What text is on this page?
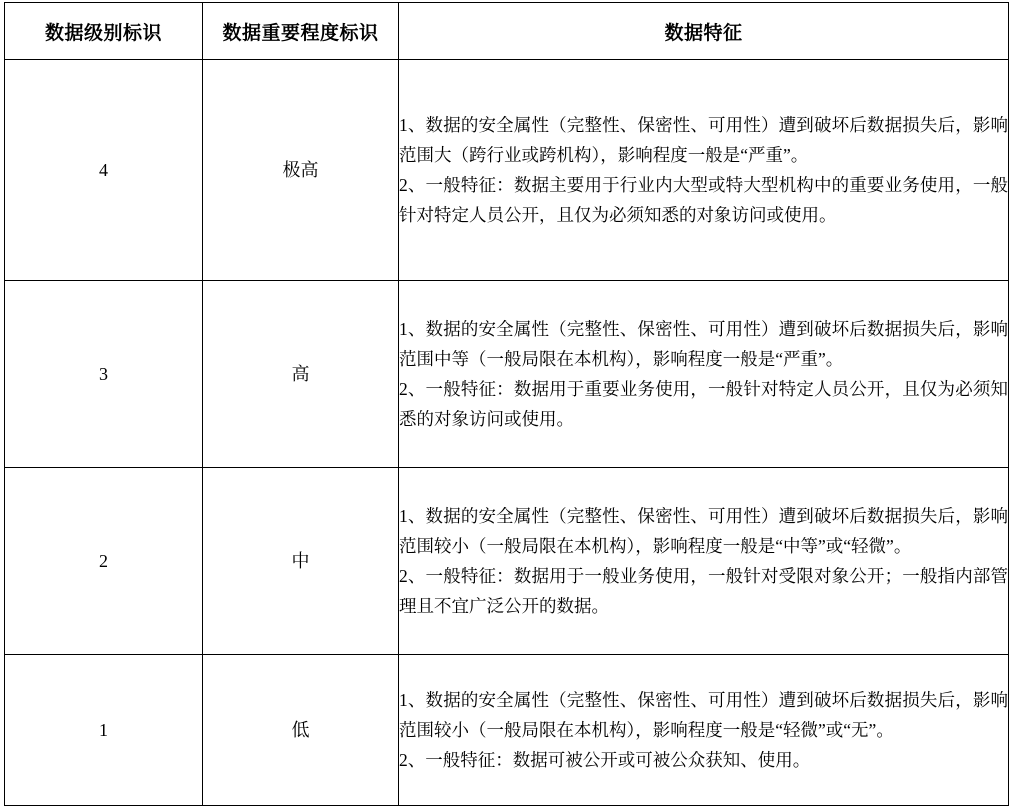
数据级别标识	数据重要程度标识	数据特征
4	极高	1、数据的安全属性（完整性、保密性、可用性）遭到破坏后数据损失后，影响范围大（跨行业或跨机构），影响程度一般是“严重”。

2、一般特征：数据主要用于行业内大型或特大型机构中的重要业务使用，一般针对特定人员公开，且仅为必须知悉的对象访问或使用。

3	高	1、数据的安全属性（完整性、保密性、可用性）遭到破坏后数据损失后，影响范围中等（一般局限在本机构），影响程度一般是“严重”。

2、一般特征：数据用于重要业务使用，一般针对特定人员公开，且仅为必须知悉的对象访问或使用。

2	中	1、数据的安全属性（完整性、保密性、可用性）遭到破坏后数据损失后，影响范围较小（一般局限在本机构），影响程度一般是“中等”或“轻微”。

2、一般特征：数据用于一般业务使用，一般针对受限对象公开；一般指内部管理且不宜广泛公开的数据。

1	低	1、数据的安全属性（完整性、保密性、可用性）遭到破坏后数据损失后，影响范围较小（一般局限在本机构），影响程度一般是“轻微”或“无”。

2、一般特征：数据可被公开或可被公众获知、使用。
